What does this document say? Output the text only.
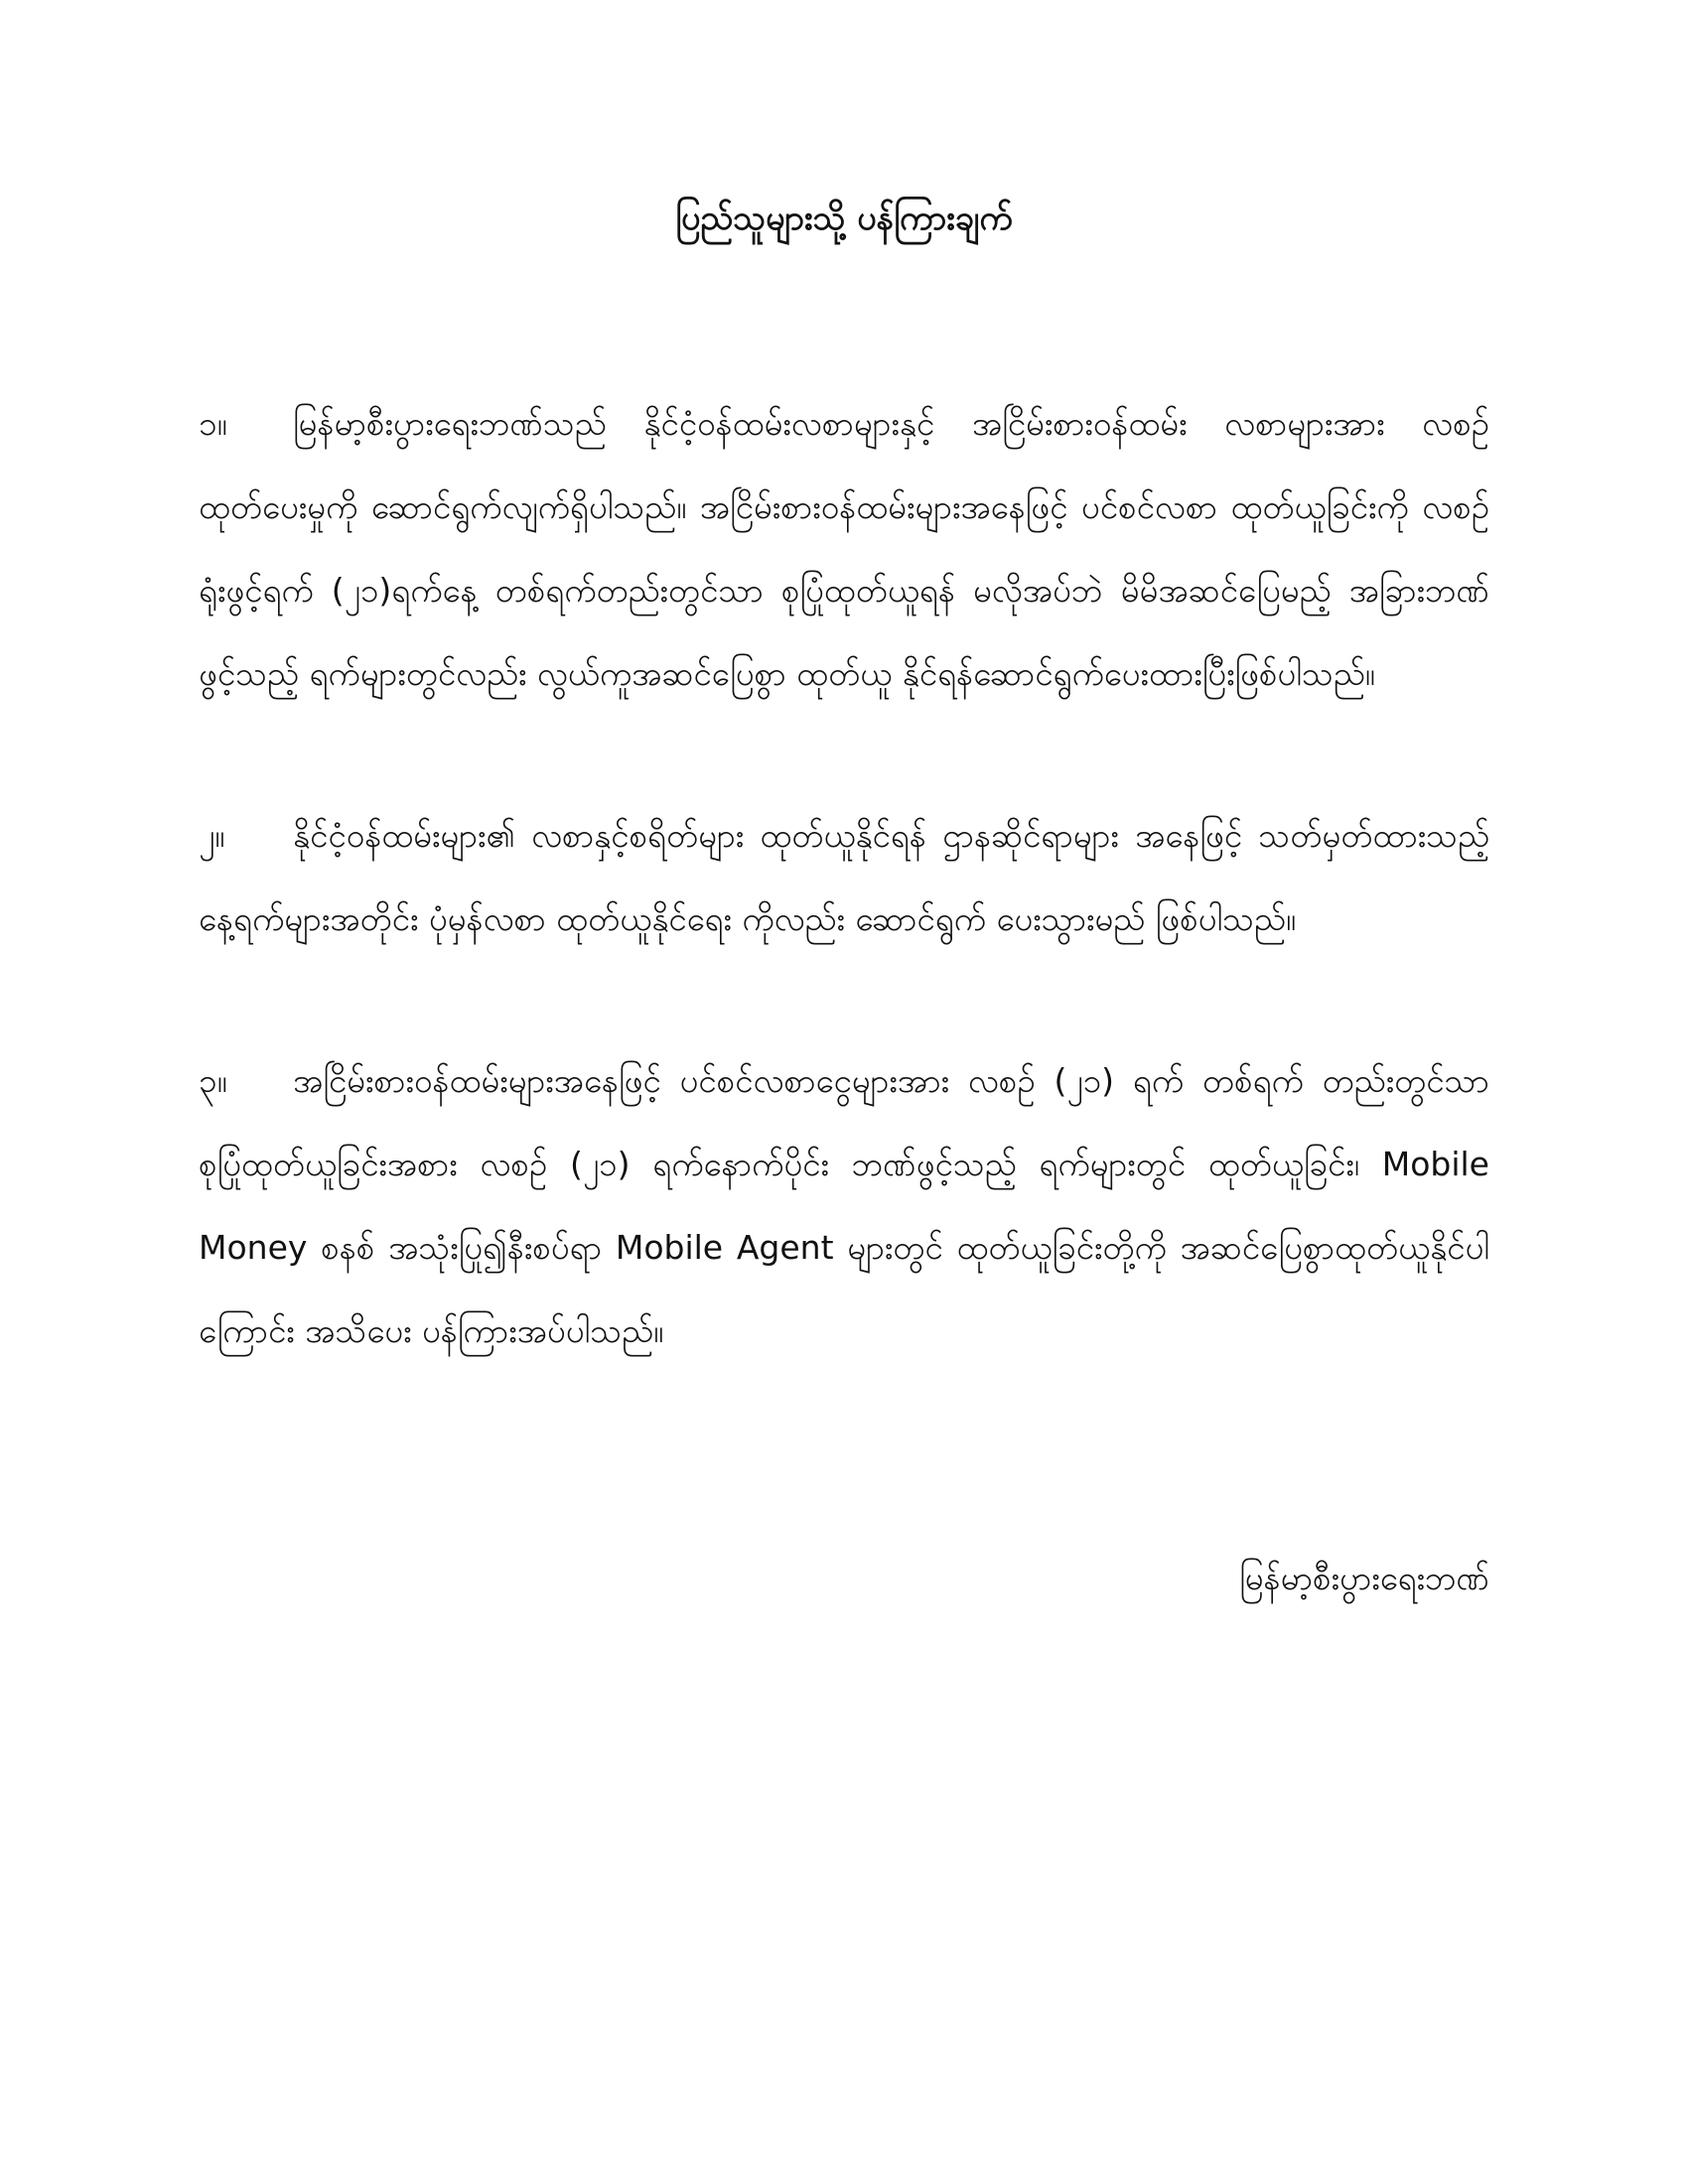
ပြည်သူများသို့ ပန်ကြားချက်

၁။ မြန်မာ့စီးပွားရေးဘဏ်သည် နိုင်ငံ့ဝန်ထမ်းလစာများနှင့် အငြိမ်းစားဝန်ထမ်း လစာများအား လစဉ်ထုတ်ပေးမှုကို ဆောင်ရွက်လျက်ရှိပါသည်။ အငြိမ်းစားဝန်ထမ်းများအနေဖြင့် ပင်စင်လစာ ထုတ်ယူခြင်းကို လစဉ် ရုံးဖွင့်ရက် (၂၁)ရက်နေ့ တစ်ရက်တည်းတွင်သာ စုပြုံထုတ်ယူရန် မလိုအပ်ဘဲ မိမိအဆင်ပြေမည့် အခြားဘဏ် ဖွင့်သည့် ရက်များတွင်လည်း လွယ်ကူအဆင်ပြေစွာ ထုတ်ယူ နိုင်ရန်ဆောင်ရွက်ပေးထားပြီးဖြစ်ပါသည်။

၂။ နိုင်ငံ့ဝန်ထမ်းများ၏ လစာနှင့်စရိတ်များ ထုတ်ယူနိုင်ရန် ဌာနဆိုင်ရာများ အနေဖြင့် သတ်မှတ်ထားသည့် နေ့ရက်များအတိုင်း ပုံမှန်လစာ ထုတ်ယူနိုင်ရေး ကိုလည်း ဆောင်ရွက် ပေးသွားမည် ဖြစ်ပါသည်။

၃။ အငြိမ်းစားဝန်ထမ်းများအနေဖြင့် ပင်စင်လစာငွေများအား လစဉ် (၂၁) ရက် တစ်ရက် တည်းတွင်သာ စုပြုံထုတ်ယူခြင်းအစား လစဉ် (၂၁) ရက်နောက်ပိုင်း ဘဏ်ဖွင့်သည့် ရက်များတွင် ထုတ်ယူခြင်း၊ Mobile Money စနစ် အသုံးပြု၍နီးစပ်ရာ Mobile Agent များတွင် ထုတ်ယူခြင်းတို့ကို အဆင်ပြေစွာထုတ်ယူနိုင်ပါကြောင်း အသိပေး ပန်ကြားအပ်ပါသည်။

မြန်မာ့စီးပွားရေးဘဏ်
